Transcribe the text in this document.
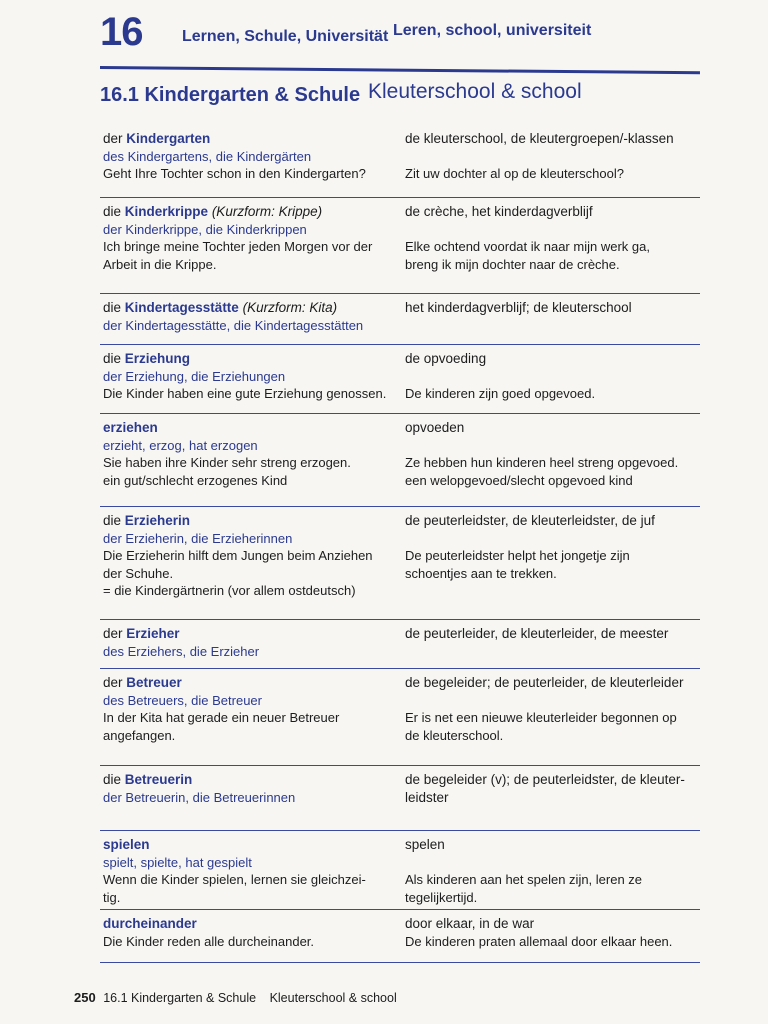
16 Lernen, Schule, Universität Leren, school, universiteit
16.1 Kindergarten & Schule Kleuterschool & school
der Kindergarten
des Kindergartens, die Kindergärten
Geht Ihre Tochter schon in den Kindergarten?
de kleuterschool, de kleutergroepen/-klassen
Zit uw dochter al op de kleuterschool?
die Kinderkrippe (Kurzform: Krippe)
der Kinderkrippe, die Kinderkrippen
Ich bringe meine Tochter jeden Morgen vor der
Arbeit in die Krippe.
de crèche, het kinderdagverblijf
Elke ochtend voordat ik naar mijn werk ga,
breng ik mijn dochter naar de crèche.
die Kindertagesstätte (Kurzform: Kita)
der Kindertagesstätte, die Kindertagesstätten
het kinderdagverblijf; de kleuterschool
die Erziehung
der Erziehung, die Erziehungen
Die Kinder haben eine gute Erziehung genossen.
de opvoeding
De kinderen zijn goed opgevoed.
erziehen
erzieht, erzog, hat erzogen
Sie haben ihre Kinder sehr streng erzogen.
ein gut/schlecht erzogenes Kind
opvoeden
Ze hebben hun kinderen heel streng opgevoed.
een welopgevoed/slecht opgevoed kind
die Erzieherin
der Erzieherin, die Erzieherinnen
Die Erzieherin hilft dem Jungen beim Anziehen
der Schuhe.
= die Kindergärtnerin (vor allem ostdeutsch)
de peuterleidster, de kleuterleidster, de juf
De peuterleidster helpt het jongetje zijn
schoentjes aan te trekken.
der Erzieher
des Erziehers, die Erzieher
de peuterleider, de kleuterleider, de meester
der Betreuer
des Betreuers, die Betreuer
In der Kita hat gerade ein neuer Betreuer
angefangen.
de begeleider; de peuterleider, de kleuterleider
Er is net een nieuwe kleuterleider begonnen op
de kleuterschool.
die Betreuerin
der Betreuerin, die Betreuerinnen
de begeleider (v); de peuterleidster, de kleuter-
leidster
spielen
spielt, spielte, hat gespielt
Wenn die Kinder spielen, lernen sie gleichzei-
tig.
spelen
Als kinderen aan het spelen zijn, leren ze
tegelijkertijd.
durcheinander
Die Kinder reden alle durcheinander.
door elkaar, in de war
De kinderen praten allemaal door elkaar heen.
250 16.1 Kindergarten & Schule Kleuterschool & school
